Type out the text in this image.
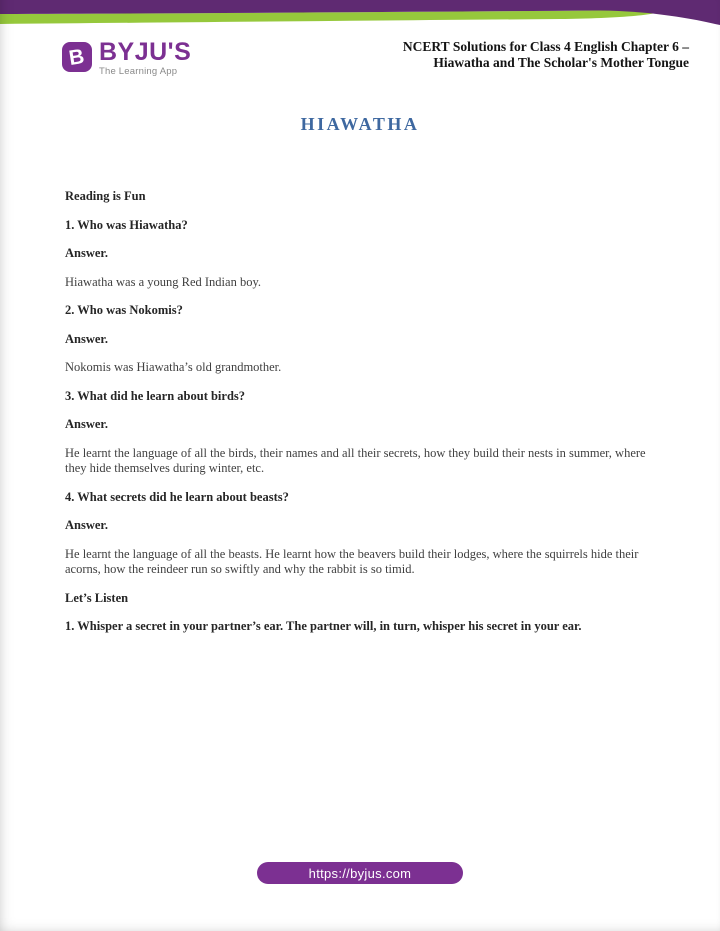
B BYJU'S
The Learning App
NCERT Solutions for Class 4 English Chapter 6 –
Hiawatha and The Scholar's Mother Tongue
HIAWATHA
Reading is Fun
1. Who was Hiawatha?
Answer.
Hiawatha was a young Red Indian boy.
2. Who was Nokomis?
Answer.
Nokomis was Hiawatha’s old grandmother.
3. What did he learn about birds?
Answer.
He learnt the language of all the birds, their names and all their secrets, how they build their nests in summer, where they hide themselves during winter, etc.
4. What secrets did he learn about beasts?
Answer.
He learnt the language of all the beasts. He learnt how the beavers build their lodges, where the squirrels hide their acorns, how the reindeer run so swiftly and why the rabbit is so timid.
Let’s Listen
1. Whisper a secret in your partner’s ear. The partner will, in turn, whisper his secret in your ear.
https://byjus.com
